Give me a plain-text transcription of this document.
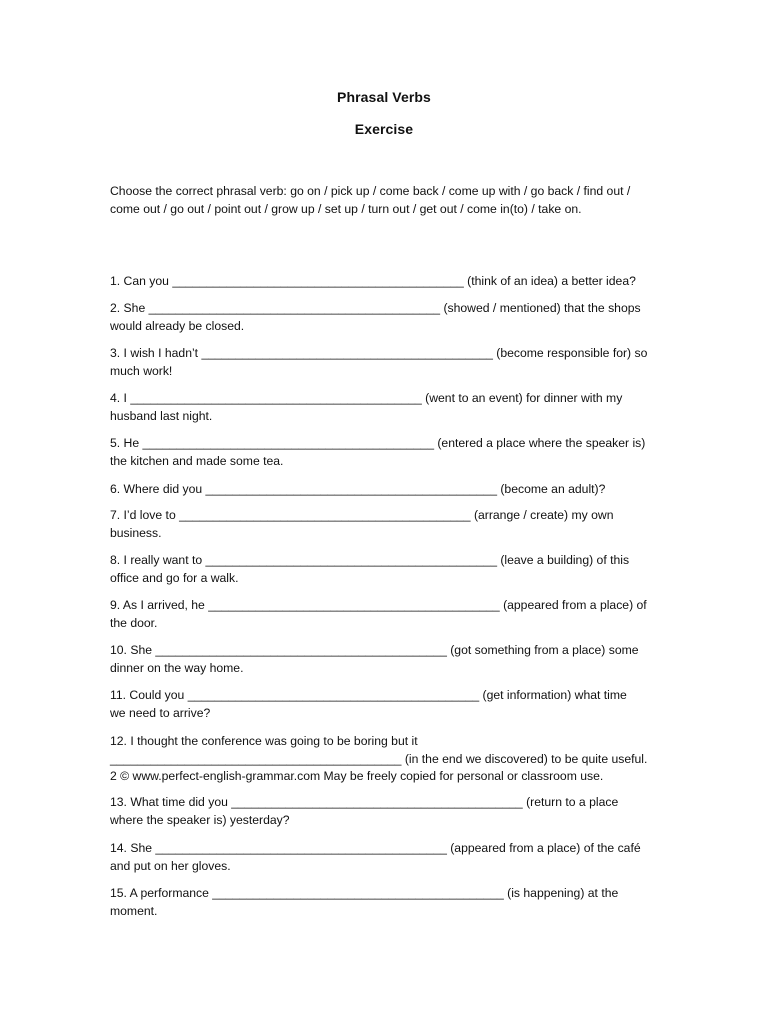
Phrasal Verbs
Exercise
Choose the correct phrasal verb: go on / pick up / come back / come up with / go back / find out / come out / go out / point out / grow up / set up / turn out / get out / come in(to) / take on.
1. Can you ___________________________________________ (think of an idea) a better idea?
2. She ___________________________________________ (showed / mentioned) that the shops
would already be closed.
3. I wish I hadn’t ___________________________________________ (become responsible for) so
much work!
4. I ___________________________________________ (went to an event) for dinner with my
husband last night.
5. He ___________________________________________ (entered a place where the speaker is)
the kitchen and made some tea.
6. Where did you ___________________________________________ (become an adult)?
7. I’d love to ___________________________________________ (arrange / create) my own
business.
8. I really want to ___________________________________________ (leave a building) of this
office and go for a walk.
9. As I arrived, he ___________________________________________ (appeared from a place) of
the door.
10. She ___________________________________________ (got something from a place) some
dinner on the way home.
11. Could you ___________________________________________ (get information) what time
we need to arrive?
12. I thought the conference was going to be boring but it
___________________________________________ (in the end we discovered) to be quite useful.
2 © www.perfect-english-grammar.com May be freely copied for personal or classroom use.
13. What time did you ___________________________________________ (return to a place
where the speaker is) yesterday?
14. She ___________________________________________ (appeared from a place) of the café
and put on her gloves.
15. A performance ___________________________________________ (is happening) at the
moment.
